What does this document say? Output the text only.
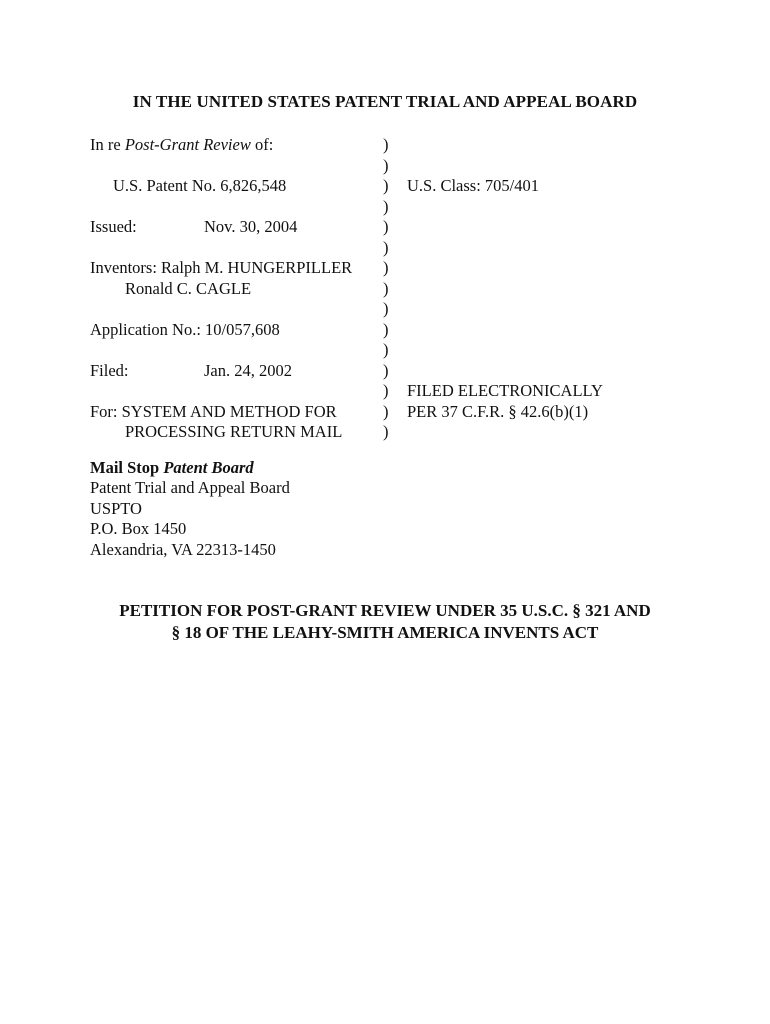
IN THE UNITED STATES PATENT TRIAL AND APPEAL BOARD
In re Post-Grant Review of:	)
)
U.S. Patent No. 6,826,548	) U.S. Class: 705/401
)
Issued:	Nov. 30, 2004	)
)
Inventors: Ralph M. HUNGERPILLER )
Ronald C. CAGLE	)
)
Application No.: 10/057,608	)
)
Filed:	Jan. 24, 2002	)
) FILED ELECTRONICALLY
For: SYSTEM AND METHOD FOR	) PER 37 C.F.R. § 42.6(b)(1)
PROCESSING RETURN MAIL )
Mail Stop Patent Board
Patent Trial and Appeal Board
USPTO
P.O. Box 1450
Alexandria, VA 22313-1450
PETITION FOR POST-GRANT REVIEW UNDER 35 U.S.C. § 321 AND
§ 18 OF THE LEAHY-SMITH AMERICA INVENTS ACT
